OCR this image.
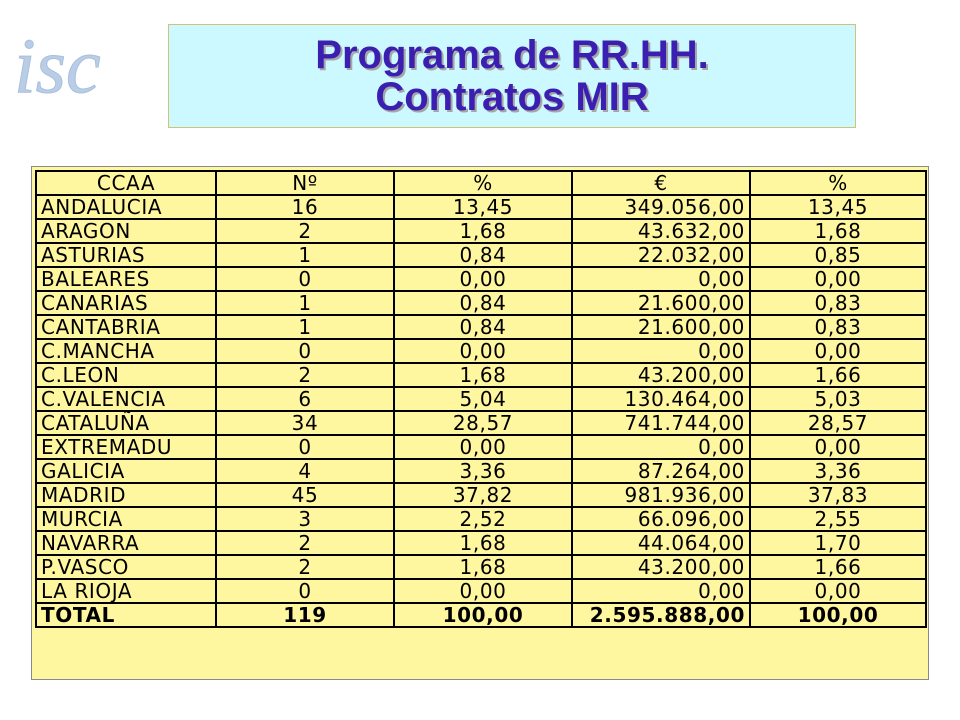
isc	Programa de RR.HH.
Contratos MIR
CCAA	Nº	%	€	%
ANDALUCIA	16	13,45	349.056,00	13,45
ARAGON	2	1,68	43.632,00	1,68
ASTURIAS	1	0,84	22.032,00	0,85
BALEARES	0	0,00	0,00	0,00
CANARIAS	1	0,84	21.600,00	0,83
CANTABRIA	1	0,84	21.600,00	0,83
C.MANCHA	0	0,00	0,00	0,00
C.LEON	2	1,68	43.200,00	1,66
C.VALENCIA	6	5,04	130.464,00	5,03
CATALUÑA	34	28,57	741.744,00	28,57
EXTREMADU	0	0,00	0,00	0,00
GALICIA	4	3,36	87.264,00	3,36
MADRID	45	37,82	981.936,00	37,83
MURCIA	3	2,52	66.096,00	2,55
NAVARRA	2	1,68	44.064,00	1,70
P.VASCO	2	1,68	43.200,00	1,66
LA RIOJA	0	0,00	0,00	0,00
TOTAL	119	100,00	2.595.888,00	100,00
